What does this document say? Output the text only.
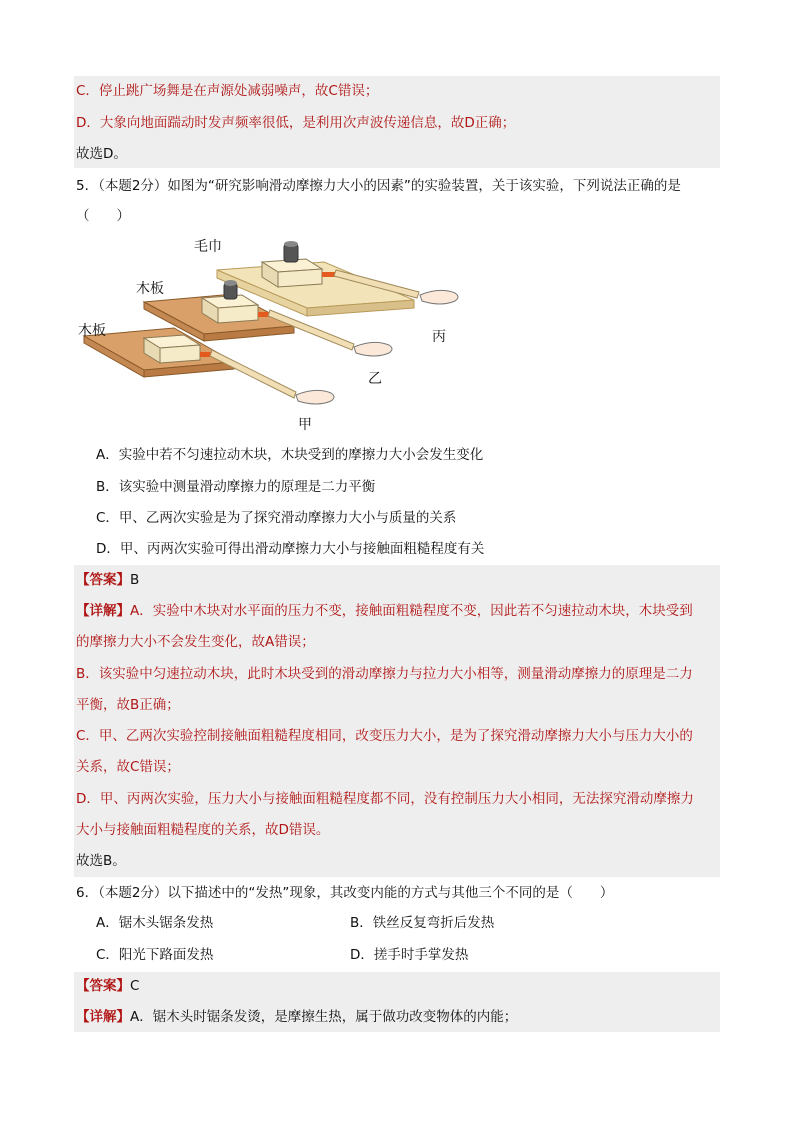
C．停止跳广场舞是在声源处减弱噪声，故C错误；
D．大象向地面踹动时发声频率很低，是利用次声波传递信息，故D正确；
故选D。
5．（本题2分）如图为“研究影响滑动摩擦力大小的因素”的实验装置，关于该实验，下列说法正确的是
（　　）
毛巾
木板
木板	丙
乙
甲
A．实验中若不匀速拉动木块，木块受到的摩擦力大小会发生变化
B．该实验中测量滑动摩擦力的原理是二力平衡
C．甲、乙两次实验是为了探究滑动摩擦力大小与质量的关系
D．甲、丙两次实验可得出滑动摩擦力大小与接触面粗糙程度有关
【答案】B
【详解】A．实验中木块对水平面的压力不变，接触面粗糙程度不变，因此若不匀速拉动木块，木块受到
的摩擦力大小不会发生变化，故A错误；
B．该实验中匀速拉动木块，此时木块受到的滑动摩擦力与拉力大小相等，测量滑动摩擦力的原理是二力
平衡，故B正确；
C．甲、乙两次实验控制接触面粗糙程度相同，改变压力大小，是为了探究滑动摩擦力大小与压力大小的
关系，故C错误；
D．甲、丙两次实验，压力大小与接触面粗糙程度都不同，没有控制压力大小相同，无法探究滑动摩擦力
大小与接触面粗糙程度的关系，故D错误。
故选B。
6．（本题2分）以下描述中的“发热”现象，其改变内能的方式与其他三个不同的是（　　）
A．锯木头锯条发热	B．铁丝反复弯折后发热
C．阳光下路面发热	D．搓手时手掌发热
【答案】C
【详解】A．锯木头时锯条发烫，是摩擦生热，属于做功改变物体的内能；
